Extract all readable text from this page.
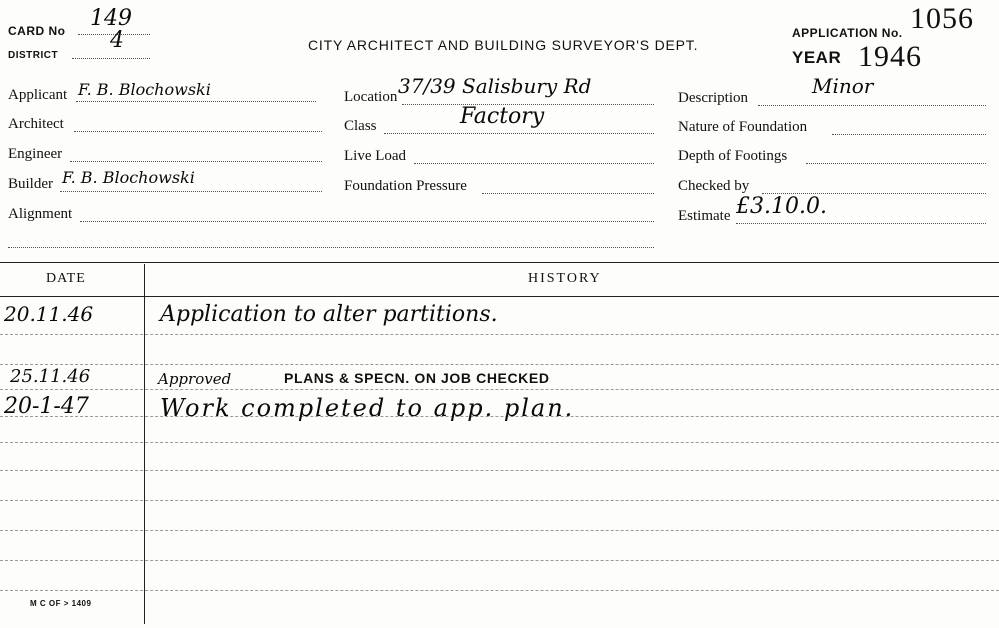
CARD No 149
DISTRICT
4	CITY ARCHITECT AND BUILDING SURVEYOR'S DEPT.
APPLICATION No. 1056
YEAR 1946
Applicant F. B. Blochowski
Architect
Engineer
Builder F. B. Blochowski
Alignment
Location 37/39 Salisbury Rd
Class	Factory
Live Load
Foundation Pressure
Description	Minor
Nature of Foundation
Depth of Footings
Checked by
Estimate £3.10.0.
DATE	HISTORY
20.11.46	Application to alter partitions.
25.11.46	Approved	PLANS & SPECN. ON JOB CHECKED
20-1-47	Work completed to app. plan.
M C OF > 1409
